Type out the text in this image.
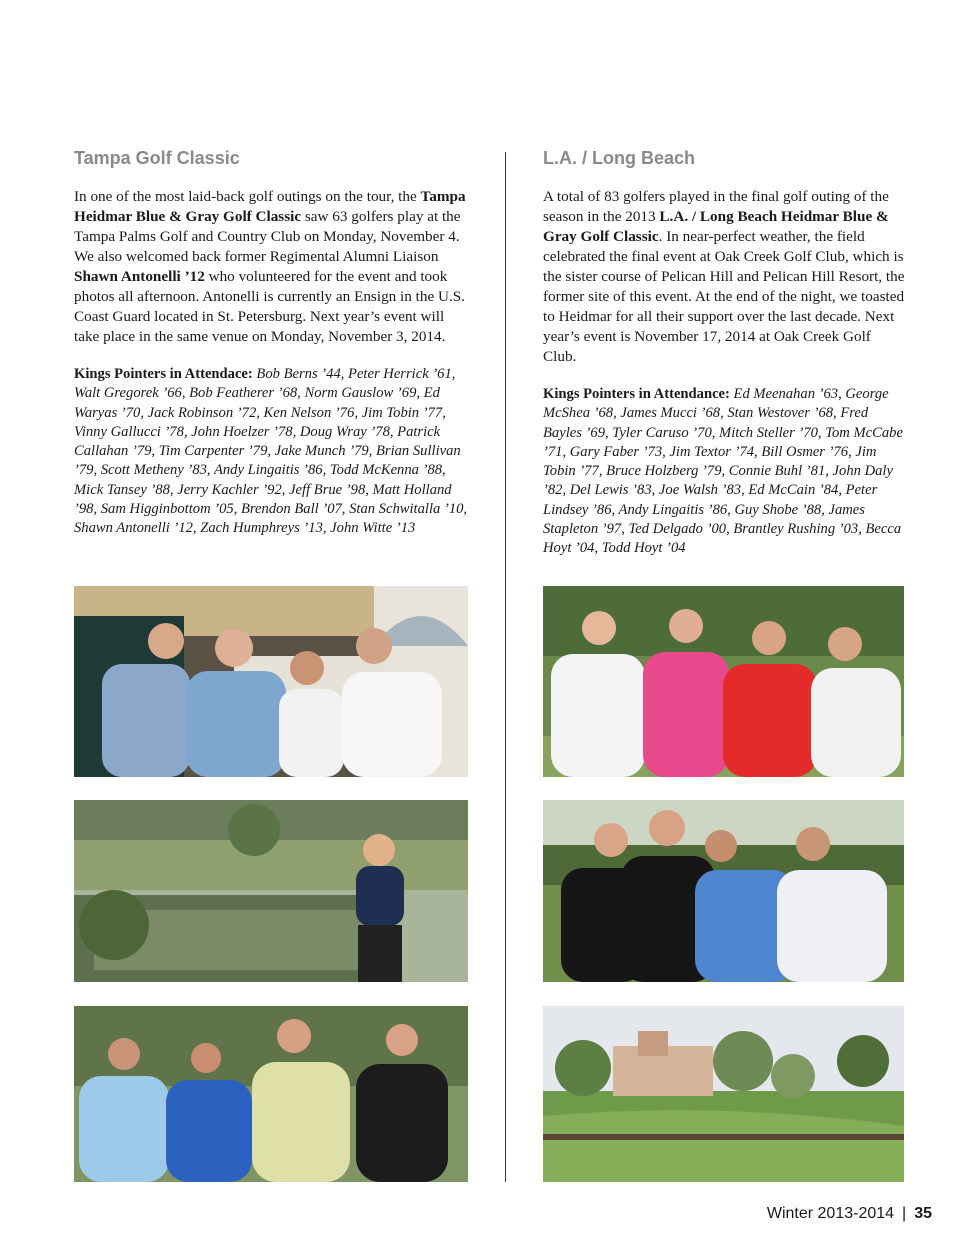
Tampa Golf Classic

In one of the most laid-back golf outings on the tour, the Tampa Heidmar Blue & Gray Golf Classic saw 63 golfers play at the Tampa Palms Golf and Country Club on Monday, November 4. We also welcomed back former Regimental Alumni Liaison Shawn Antonelli ’12 who volunteered for the event and took photos all afternoon. Antonelli is currently an Ensign in the U.S. Coast Guard located in St. Petersburg. Next year’s event will take place in the same venue on Monday, November 3, 2014.

Kings Pointers in Attendace: Bob Berns ’44, Peter Herrick ’61, Walt Gregorek ’66, Bob Featherer ’68, Norm Gauslow ’69, Ed Waryas ’70, Jack Robinson ’72, Ken Nelson ’76, Jim Tobin ’77, Vinny Gallucci ’78, John Hoelzer ’78, Doug Wray ’78, Patrick Callahan ’79, Tim Carpenter ’79, Jake Munch ’79, Brian Sullivan ’79, Scott Metheny ’83, Andy Lingaitis ’86, Todd McKenna ’88, Mick Tansey ’88, Jerry Kachler ’92, Jeff Brue ’98, Matt Holland ’98, Sam Higginbottom ’05, Brendon Ball ’07, Stan Schwitalla ’10, Shawn Antonelli ’12, Zach Humphreys ’13, John Witte ’13

L.A. / Long Beach

A total of 83 golfers played in the final golf outing of the season in the 2013 L.A. / Long Beach Heidmar Blue & Gray Golf Classic. In near-perfect weather, the field celebrated the final event at Oak Creek Golf Club, which is the sister course of Pelican Hill and Pelican Hill Resort, the former site of this event. At the end of the night, we toasted to Heidmar for all their support over the last decade. Next year’s event is November 17, 2014 at Oak Creek Golf Club.

Kings Pointers in Attendance: Ed Meenahan ’63, George McShea ’68, James Mucci ’68, Stan Westover ’68, Fred Bayles ’69, Tyler Caruso ’70, Mitch Steller ’70, Tom McCabe ’71, Gary Faber ’73, Jim Textor ’74, Bill Osmer ’76, Jim Tobin ’77, Bruce Holzberg ’79, Connie Buhl ’81, John Daly ’82, Del Lewis ’83, Joe Walsh ’83, Ed McCain ’84, Peter Lindsey ’86, Andy Lingaitis ’86, Guy Shobe ’88, James Stapleton ’97, Ted Delgado ’00, Brantley Rushing ’03, Becca Hoyt ’04, Todd Hoyt ’04

Winter 2013-2014 | 35
